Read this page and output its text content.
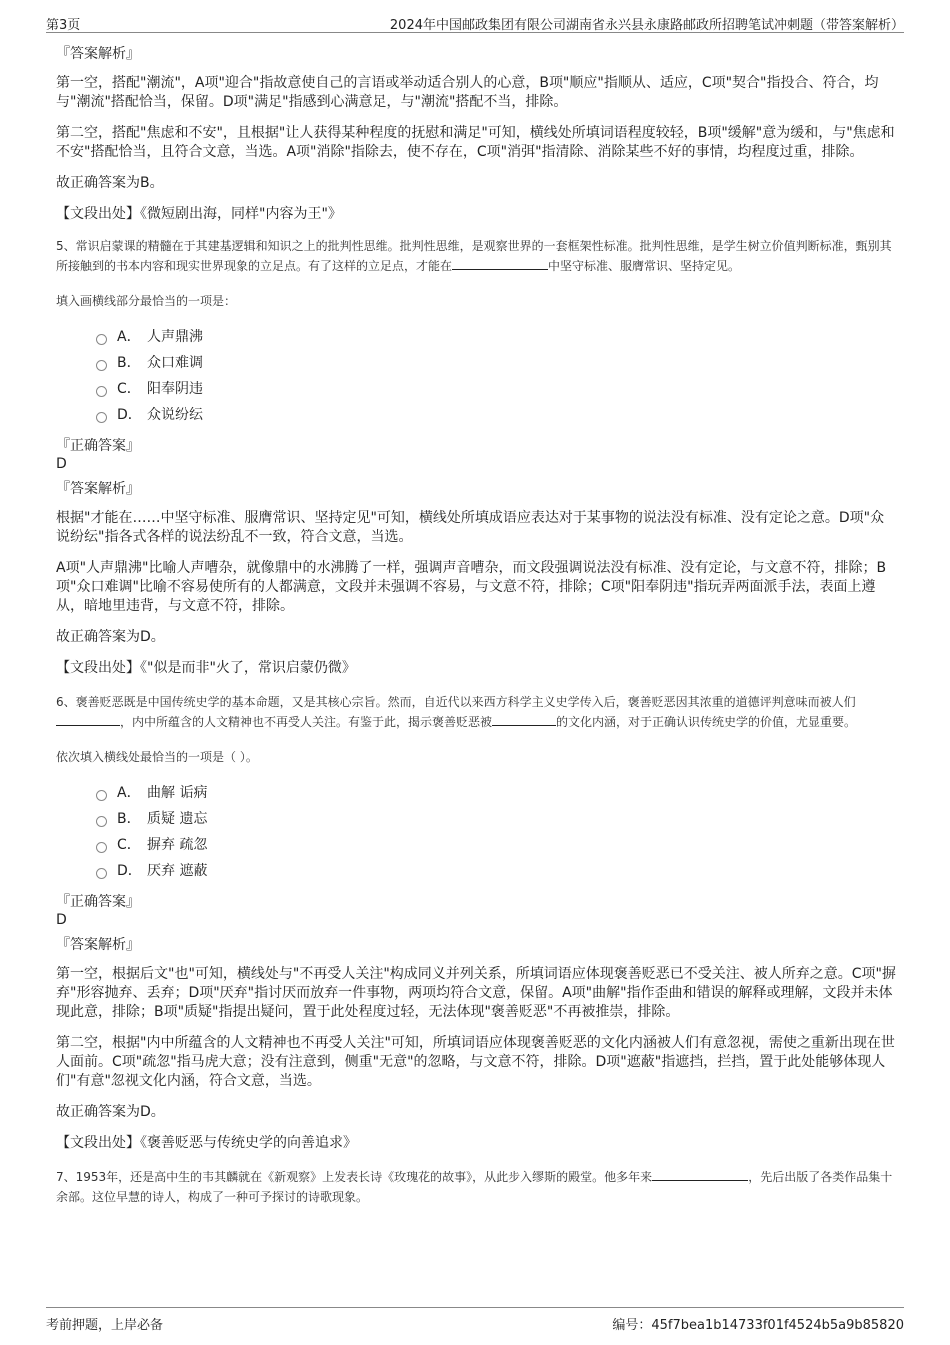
第3页	2024年中国邮政集团有限公司湖南省永兴县永康路邮政所招聘笔试冲刺题（带答案解析）
『答案解析』

第一空，搭配"潮流"，A项"迎合"指故意使自己的言语或举动适合别人的心意，B项"顺应"指顺从、适应，C项"契合"指投合、符合，均与"潮流"搭配恰当，保留。D项"满足"指感到心满意足，与"潮流"搭配不当，排除。

第二空，搭配"焦虑和不安"，且根据"让人获得某种程度的抚慰和满足"可知，横线处所填词语程度较轻，B项"缓解"意为缓和，与"焦虑和不安"搭配恰当，且符合文意，当选。A项"消除"指除去，使不存在，C项"消弭"指清除、消除某些不好的事情，均程度过重，排除。

故正确答案为B。

【文段出处】《微短剧出海，同样"内容为王"》

5、常识启蒙课的精髓在于其建基逻辑和知识之上的批判性思维。批判性思维，是观察世界的一套框架性标准。批判性思维，是学生树立价值判断标准，甄别其所接触到的书本内容和现实世界现象的立足点。有了这样的立足点，才能在	中坚守标准、服膺常识、坚持定见。
填入画横线部分最恰当的一项是：
A． 人声鼎沸
B． 众口难调
C． 阳奉阴违
D． 众说纷纭
『正确答案』
D
『答案解析』

根据"才能在……中坚守标准、服膺常识、坚持定见"可知，横线处所填成语应表达对于某事物的说法没有标准、没有定论之意。D项"众说纷纭"指各式各样的说法纷乱不一致，符合文意，当选。

A项"人声鼎沸"比喻人声嘈杂，就像鼎中的水沸腾了一样，强调声音嘈杂，而文段强调说法没有标准、没有定论，与文意不符，排除；B项"众口难调"比喻不容易使所有的人都满意，文段并未强调不容易，与文意不符，排除；C项"阳奉阴违"指玩弄两面派手法，表面上遵从，暗地里违背，与文意不符，排除。

故正确答案为D。

【文段出处】《"似是而非"火了，常识启蒙仍微》

6、褒善贬恶既是中国传统史学的基本命题，又是其核心宗旨。然而，自近代以来西方科学主义史学传入后，褒善贬恶因其浓重的道德评判意味而被人们，内中所蕴含的人文精神也不再受人关注。有鉴于此，揭示褒善贬恶被	的文化内涵，对于正确认识传统史学的价值，尤显重要。
依次填入横线处最恰当的一项是（ ）。
A． 曲解 诟病
B． 质疑 遗忘
C． 摒弃 疏忽
D． 厌弃 遮蔽
『正确答案』
D
『答案解析』

第一空，根据后文"也"可知，横线处与"不再受人关注"构成同义并列关系，所填词语应体现褒善贬恶已不受关注、被人所弃之意。C项"摒弃"形容抛弃、丢弃；D项"厌弃"指讨厌而放弃一件事物，两项均符合文意，保留。A项"曲解"指作歪曲和错误的解释或理解，文段并未体现此意，排除；B项"质疑"指提出疑问，置于此处程度过轻，无法体现"褒善贬恶"不再被推崇，排除。

第二空，根据"内中所蕴含的人文精神也不再受人关注"可知，所填词语应体现褒善贬恶的文化内涵被人们有意忽视，需使之重新出现在世人面前。C项"疏忽"指马虎大意；没有注意到，侧重"无意"的忽略，与文意不符，排除。D项"遮蔽"指遮挡，拦挡，置于此处能够体现人们"有意"忽视文化内涵，符合文意，当选。

故正确答案为D。

【文段出处】《褒善贬恶与传统史学的向善追求》

7、1953年，还是高中生的韦其麟就在《新观察》上发表长诗《玫瑰花的故事》，从此步入缪斯的殿堂。他多年来	，先后出版了各类作品集十余部。这位早慧的诗人，构成了一种可予探讨的诗歌现象。
考前押题，上岸必备	编号：45f7bea1b14733f01f4524b5a9b85820
